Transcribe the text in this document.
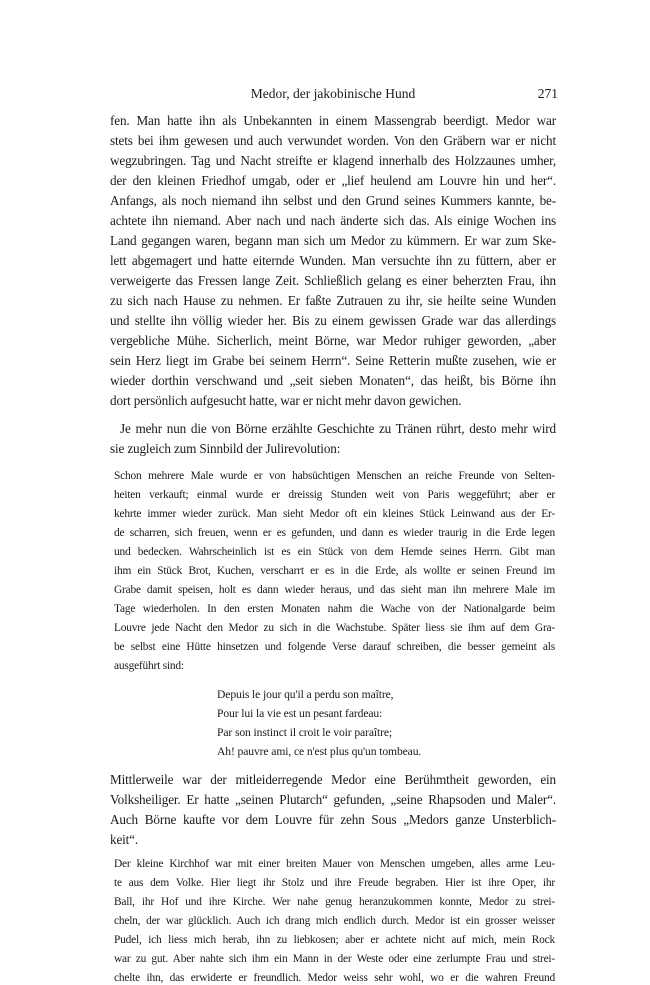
Medor, der jakobinische Hund	271
fen. Man hatte ihn als Unbekannten in einem Massengrab beerdigt. Medor war
stets bei ihm gewesen und auch verwundet worden. Von den Gräbern war er nicht
wegzubringen. Tag und Nacht streifte er klagend innerhalb des Holzzaunes umher,
der den kleinen Friedhof umgab, oder er „lief heulend am Louvre hin und her“.
Anfangs, als noch niemand ihn selbst und den Grund seines Kummers kannte, be-
achtete ihn niemand. Aber nach und nach änderte sich das. Als einige Wochen ins
Land gegangen waren, begann man sich um Medor zu kümmern. Er war zum Ske-
lett abgemagert und hatte eiternde Wunden. Man versuchte ihn zu füttern, aber er
verweigerte das Fressen lange Zeit. Schließlich gelang es einer beherzten Frau, ihn
zu sich nach Hause zu nehmen. Er faßte Zutrauen zu ihr, sie heilte seine Wunden
und stellte ihn völlig wieder her. Bis zu einem gewissen Grade war das allerdings
vergebliche Mühe. Sicherlich, meint Börne, war Medor ruhiger geworden, „aber
sein Herz liegt im Grabe bei seinem Herrn“. Seine Retterin mußte zusehen, wie er
wieder dorthin verschwand und „seit sieben Monaten“, das heißt, bis Börne ihn
dort persönlich aufgesucht hatte, war er nicht mehr davon gewichen.
Je mehr nun die von Börne erzählte Geschichte zu Tränen rührt, desto mehr wird
sie zugleich zum Sinnbild der Julirevolution:
Schon mehrere Male wurde er von habsüchtigen Menschen an reiche Freunde von Selten-
heiten verkauft; einmal wurde er dreissig Stunden weit von Paris weggeführt; aber er
kehrte immer wieder zurück. Man sieht Medor oft ein kleines Stück Leinwand aus der Er-
de scharren, sich freuen, wenn er es gefunden, und dann es wieder traurig in die Erde legen
und bedecken. Wahrscheinlich ist es ein Stück von dem Hemde seines Herrn. Gibt man
ihm ein Stück Brot, Kuchen, verscharrt er es in die Erde, als wollte er seinen Freund im
Grabe damit speisen, holt es dann wieder heraus, und das sieht man ihn mehrere Male im
Tage wiederholen. In den ersten Monaten nahm die Wache von der Nationalgarde beim
Louvre jede Nacht den Medor zu sich in die Wachstube. Später liess sie ihm auf dem Gra-
be selbst eine Hütte hinsetzen und folgende Verse darauf schreiben, die besser gemeint als
ausgeführt sind:
Depuis le jour qu'il a perdu son maître,
Pour lui la vie est un pesant fardeau:
Par son instinct il croit le voir paraître;
Ah! pauvre ami, ce n'est plus qu'un tombeau.
Mittlerweile war der mitleiderregende Medor eine Berühmtheit geworden, ein
Volksheiliger. Er hatte „seinen Plutarch“ gefunden, „seine Rhapsoden und Maler“.
Auch Börne kaufte vor dem Louvre für zehn Sous „Medors ganze Unsterblich-
keit“.
Der kleine Kirchhof war mit einer breiten Mauer von Menschen umgeben, alles arme Leu-
te aus dem Volke. Hier liegt ihr Stolz und ihre Freude begraben. Hier ist ihre Oper, ihr
Ball, ihr Hof und ihre Kirche. Wer nahe genug heranzukommen konnte, Medor zu strei-
cheln, der war glücklich. Auch ich drang mich endlich durch. Medor ist ein grosser weisser
Pudel, ich liess mich herab, ihn zu liebkosen; aber er achtete nicht auf mich, mein Rock
war zu gut. Aber nahte sich ihm ein Mann in der Weste oder eine zerlumpte Frau und strei-
chelte ihn, das erwiderte er freundlich. Medor weiss sehr wohl, wo er die wahren Freund
